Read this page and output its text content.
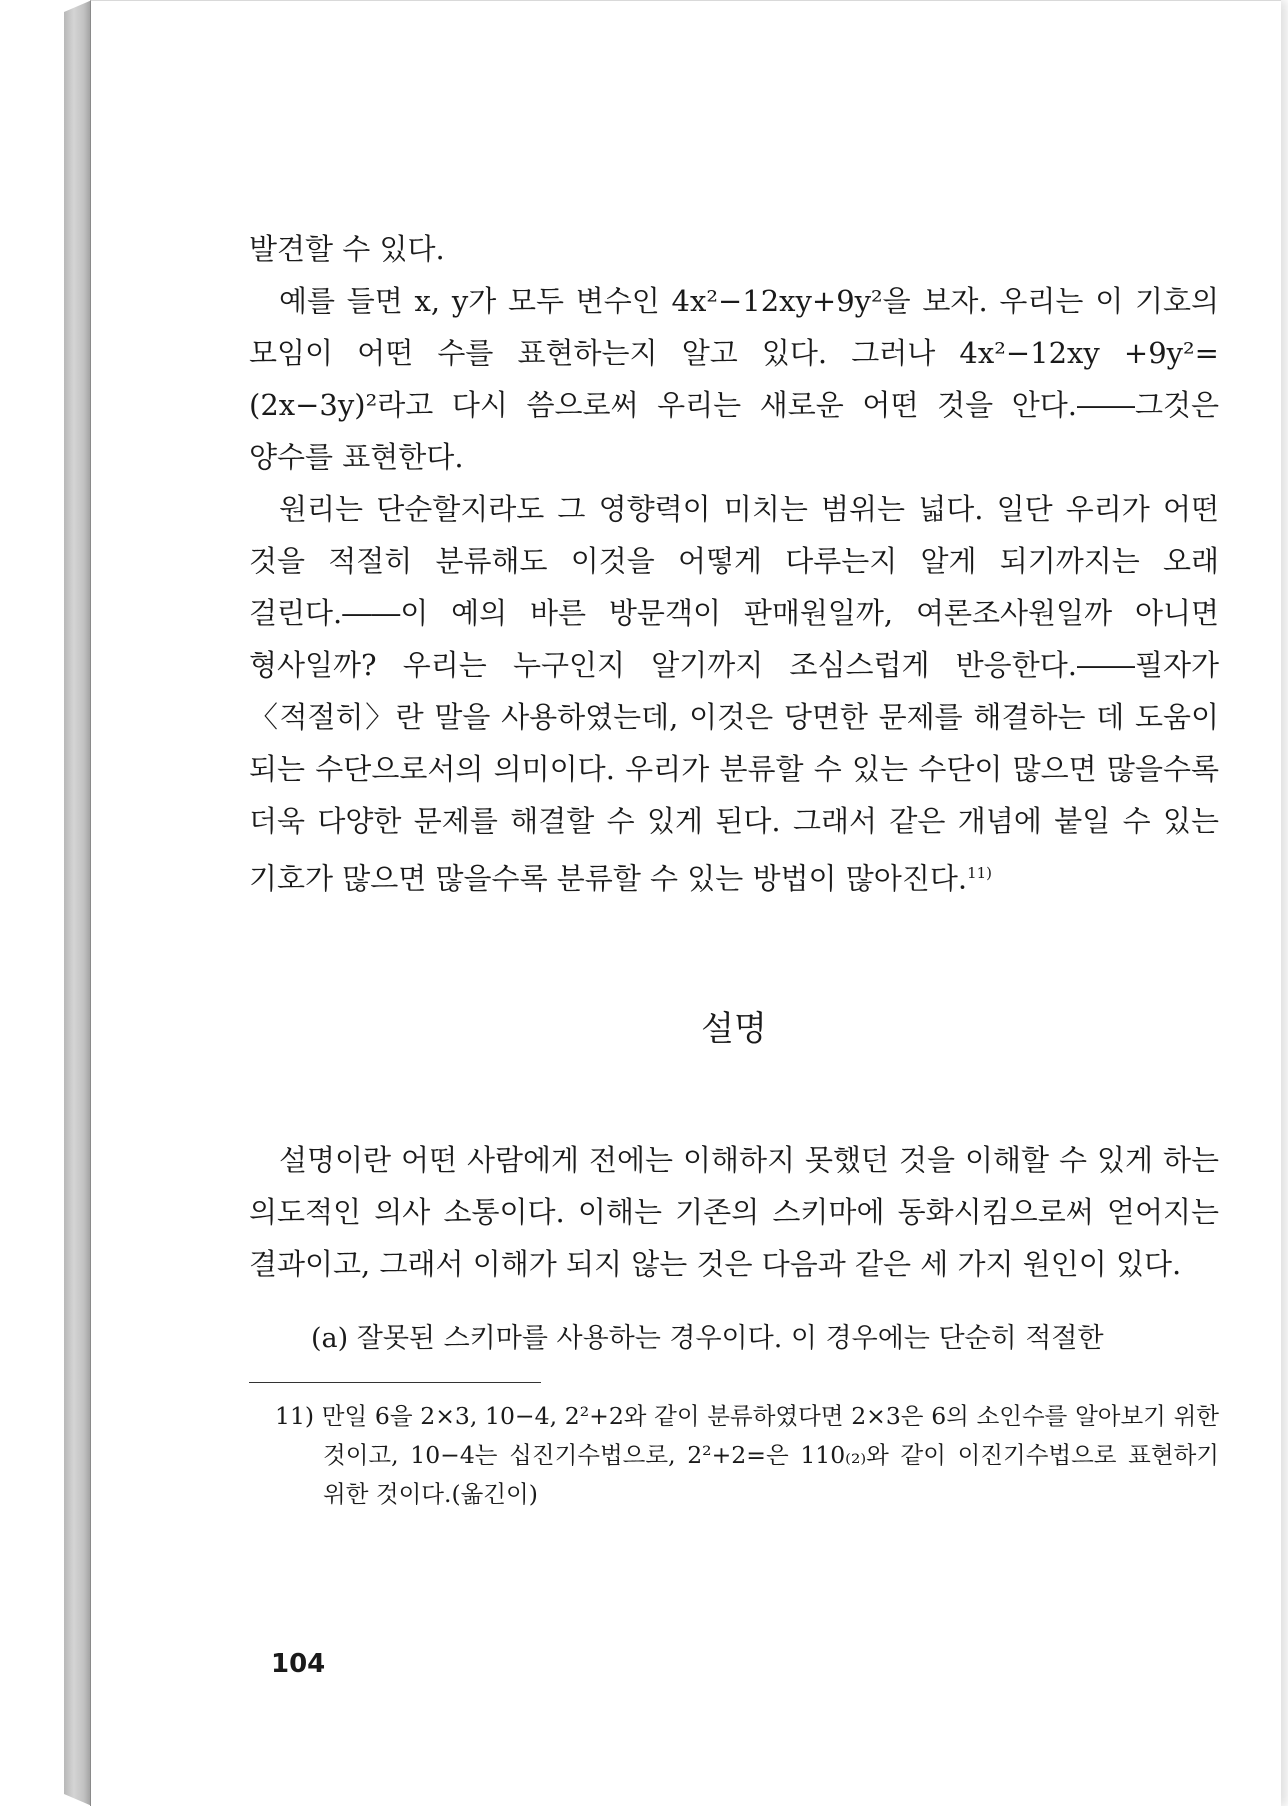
발견할 수 있다.

예를 들면 x, y가 모두 변수인 4x²−12xy+9y²을 보자. 우리는 이 기호의 모임이 어떤 수를 표현하는지 알고 있다. 그러나 4x²−12xy +9y²=(2x−3y)²라고 다시 씀으로써 우리는 새로운 어떤 것을 안다.――그것은 양수를 표현한다.

원리는 단순할지라도 그 영향력이 미치는 범위는 넓다. 일단 우리가 어떤 것을 적절히 분류해도 이것을 어떻게 다루는지 알게 되기까지는 오래 걸린다.――이 예의 바른 방문객이 판매원일까, 여론조사원일까 아니면 형사일까? 우리는 누구인지 알기까지 조심스럽게 반응한다.――필자가 〈적절히〉란 말을 사용하였는데, 이것은 당면한 문제를 해결하는 데 도움이 되는 수단으로서의 의미이다. 우리가 분류할 수 있는 수단이 많으면 많을수록 더욱 다양한 문제를 해결할 수 있게 된다. 그래서 같은 개념에 붙일 수 있는 기호가 많으면 많을수록 분류할 수 있는 방법이 많아진다.$^{11)}$

설명

설명이란 어떤 사람에게 전에는 이해하지 못했던 것을 이해할 수 있게 하는 의도적인 의사 소통이다. 이해는 기존의 스키마에 동화시킴으로써 얻어지는 결과이고, 그래서 이해가 되지 않는 것은 다음과 같은 세 가지 원인이 있다.

(a) 잘못된 스키마를 사용하는 경우이다. 이 경우에는 단순히 적절한

11) 만일 6을 2×3, 10−4, 2²+2와 같이 분류하였다면 2×3은 6의 소인수를 알아보기 위한 것이고, 10−4는 십진기수법으로, 2²+2=은 110₍₂₎와 같이 이진기수법으로 표현하기 위한 것이다.(옮긴이)

104
